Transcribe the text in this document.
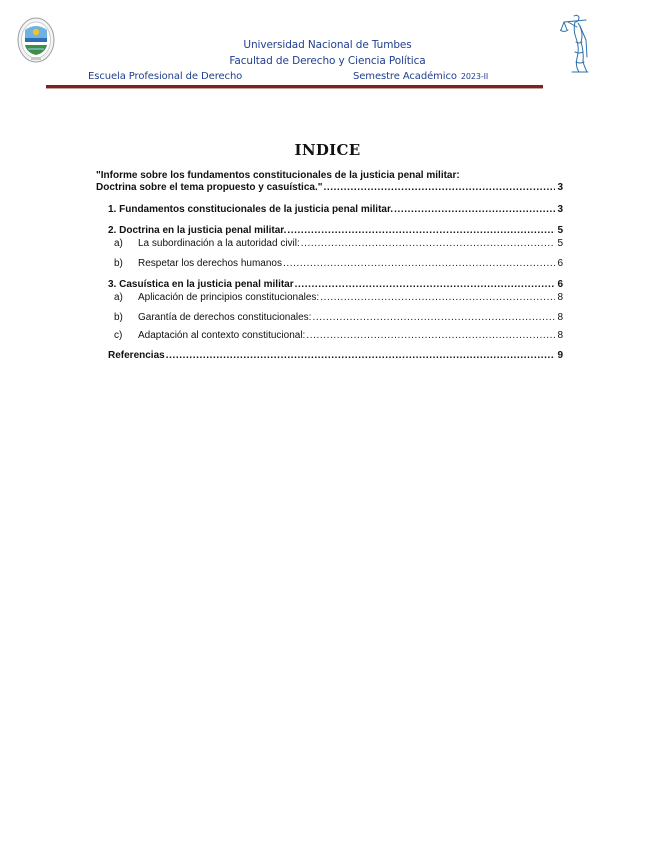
Universidad Nacional de Tumbes
Facultad de Derecho y Ciencia Política
Escuela Profesional de Derecho	Semestre Académico 2023-II
INDICE
"Informe sobre los fundamentos constitucionales de la justicia penal militar:
Doctrina sobre el tema propuesto y casuística." .....	3
1. Fundamentos constitucionales de la justicia penal militar. .....	3
2. Doctrina en la justicia penal militar. .....	5
a)	La subordinación a la autoridad civil: .....	5
b)	Respetar los derechos humanos .....	6
3. Casuística en la justicia penal militar .....	6
a)	Aplicación de principios constitucionales: .....	8
b)	Garantía de derechos constitucionales: .....	8
c)	Adaptación al contexto constitucional: .....	8
Referencias .....	9
